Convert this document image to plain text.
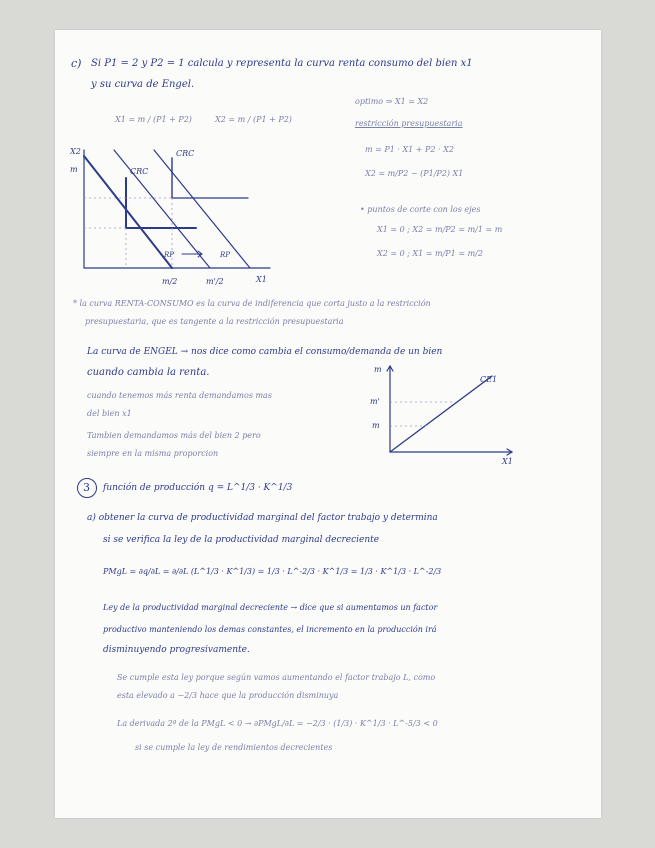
c) Si P1 = 2 y P2 = 1 calcula y representa la curva renta consumo del bien x1
y su curva de Engel.
X1 = m / (P1 + P2)	X2 = m / (P1 + P2)
optimo ⇒ X1 = X2
restricción presupuestaria
m = P1 · X1 + P2 · X2
X2 = m/P2 − (P1/P2) X1
• puntos de corte con los ejes
X1 = 0 ; X2 = m/P2 = m/1 = m
X2 = 0 ; X1 = m/P1 = m/2
X2
m	CRC
CRC
RP	RP
m/2	m'/2	X1
* la curva RENTA-CONSUMO es la curva de indiferencia que corta justo a la restricción
presupuestaria, que es tangente a la restricción presupuestaria
La curva de ENGEL → nos dice como cambia el consumo/demanda de un bien
cuando cambia la renta.
cuando tenemos más renta demandamos mas
del bien x1
Tambien demandamos más del bien 2 pero
siempre en la misma proporcion
m
m'
m
CE1
X1
3 función de producción q = L^1/3 · K^1/3
a) obtener la curva de productividad marginal del factor trabajo y determina
si se verifica la ley de la productividad marginal decreciente
PMgL = ∂q/∂L = ∂/∂L (L^1/3 · K^1/3) = 1/3 · L^-2/3 · K^1/3 = 1/3 · K^1/3 · L^-2/3
Ley de la productividad marginal decreciente → dice que si aumentamos un factor
productivo manteniendo los demas constantes, el incremento en la producción irá
disminuyendo progresivamente.
Se cumple esta ley porque según vamos aumentando el factor trabajo L, como
esta elevado a −2/3 hace que la producción disminuya
La derivada 2ª de la PMgL < 0 → ∂PMgL/∂L = −2/3 · (1/3) · K^1/3 · L^-5/3 < 0
si se cumple la ley de rendimientos decrecientes
